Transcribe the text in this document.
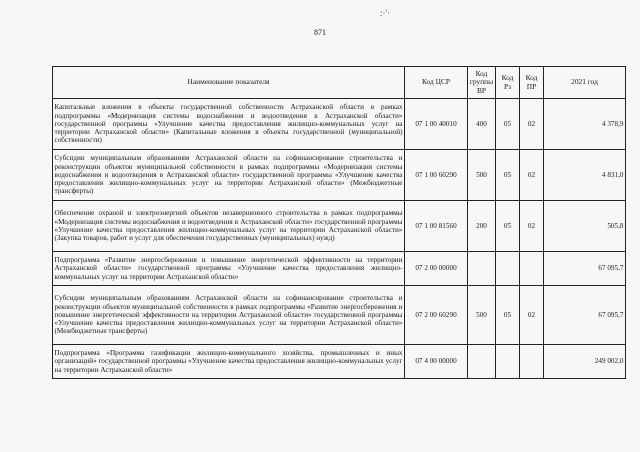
:·'·
871
Наименование показателя	Код ЦСР	Код группы ВР	Код Рз	Код ПР	2021 год
Капитальные вложения в объекты государственной собственности Астраханской области в рамках подпрограммы «Модернизация системы водоснабжения и водоотведения в Астраханской области» государственной программы «Улучшение качества предоставления жилищно-коммунальных услуг на территории Астраханской области» (Капитальные вложения в объекты государственной (муниципальной) собственности)	07 1 00 40010	400	05	02	4 378,9
Субсидии муниципальным образованиям Астраханской области на софинансирование строительства и реконструкции объектов муниципальной собственности в рамках подпрограммы «Модернизация системы водоснабжения и водоотведения в Астраханской области» государственной программы «Улучшение качества предоставления жилищно-коммунальных услуг на территории Астраханской области» (Межбюджетные трансферты)	07 1 00 60290	500	05	02	4 831,0
Обеспечение охраной и электроэнергией объектов незавершенного строительства в рамках подпрограммы «Модернизация системы водоснабжения и водоотведения в Астраханской области» государственной программы «Улучшение качества предоставления жилищно-коммунальных услуг на территории Астраханской области» (Закупка товаров, работ и услуг для обеспечения государственных (муниципальных) нужд)	07 1 00 81560	200	05	02	505,8
Подпрограмма «Развитие энергосбережения и повышение энергетической эффективности на территории Астраханской области» государственной программы «Улучшение качества предоставления жилищно-коммунальных услуг на территории Астраханской области»	07 2 00 00000				67 095,7
Субсидии муниципальным образованиям Астраханской области на софинансирование строительства и реконструкции объектов муниципальной собственности в рамках подпрограммы «Развитие энергосбережения и повышение энергетической эффективности на территории Астраханской области» государственной программы «Улучшение качества предоставления жилищно-коммунальных услуг на территории Астраханской области» (Межбюджетные трансферты)	07 2 00 60290	500	05	02	67 095,7
Подпрограмма «Программа газификации жилищно-коммунального хозяйства, промышленных и иных организаций» государственной программы «Улучшение качества предоставления жилищно-коммунальных услуг на территории Астраханской области»	07 4 00 00000				249 002,0
